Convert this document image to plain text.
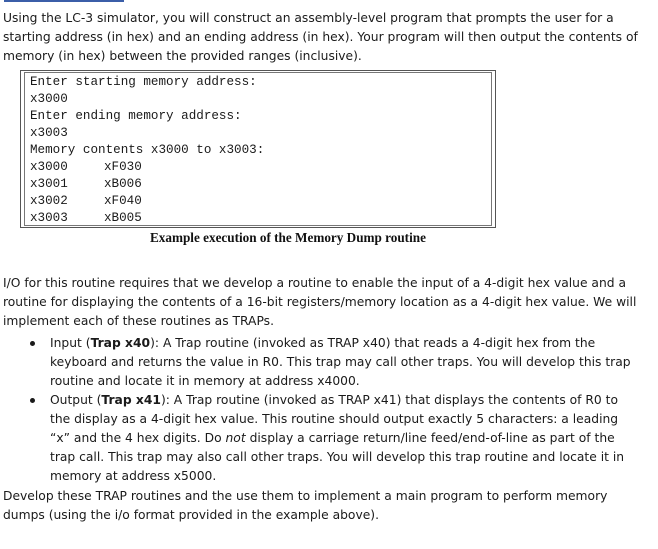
Using the LC-3 simulator, you will construct an assembly-level program that prompts the user for a starting address (in hex) and an ending address (in hex). Your program will then output the contents of memory (in hex) between the provided ranges (inclusive).

Enter starting memory address:
x3000
Enter ending memory address:
x3003
Memory contents x3000 to x3003:
x3000	xF030
x3001	xB006
x3002	xF040
x3003	xB005
Example execution of the Memory Dump routine

I/O for this routine requires that we develop a routine to enable the input of a 4-digit hex value and a routine for displaying the contents of a 16-bit registers/memory location as a 4-digit hex value. We will implement each of these routines as TRAPs.

Input (Trap x40): A Trap routine (invoked as TRAP x40) that reads a 4-digit hex from the keyboard and returns the value in R0. This trap may call other traps. You will develop this trap routine and locate it in memory at address x4000.
Output (Trap x41): A Trap routine (invoked as TRAP x41) that displays the contents of R0 to the display as a 4-digit hex value. This routine should output exactly 5 characters: a leading “x” and the 4 hex digits. Do not display a carriage return/line feed/end-of-line as part of the trap call. This trap may also call other traps. You will develop this trap routine and locate it in memory at address x5000.

Develop these TRAP routines and the use them to implement a main program to perform memory dumps (using the i/o format provided in the example above).
